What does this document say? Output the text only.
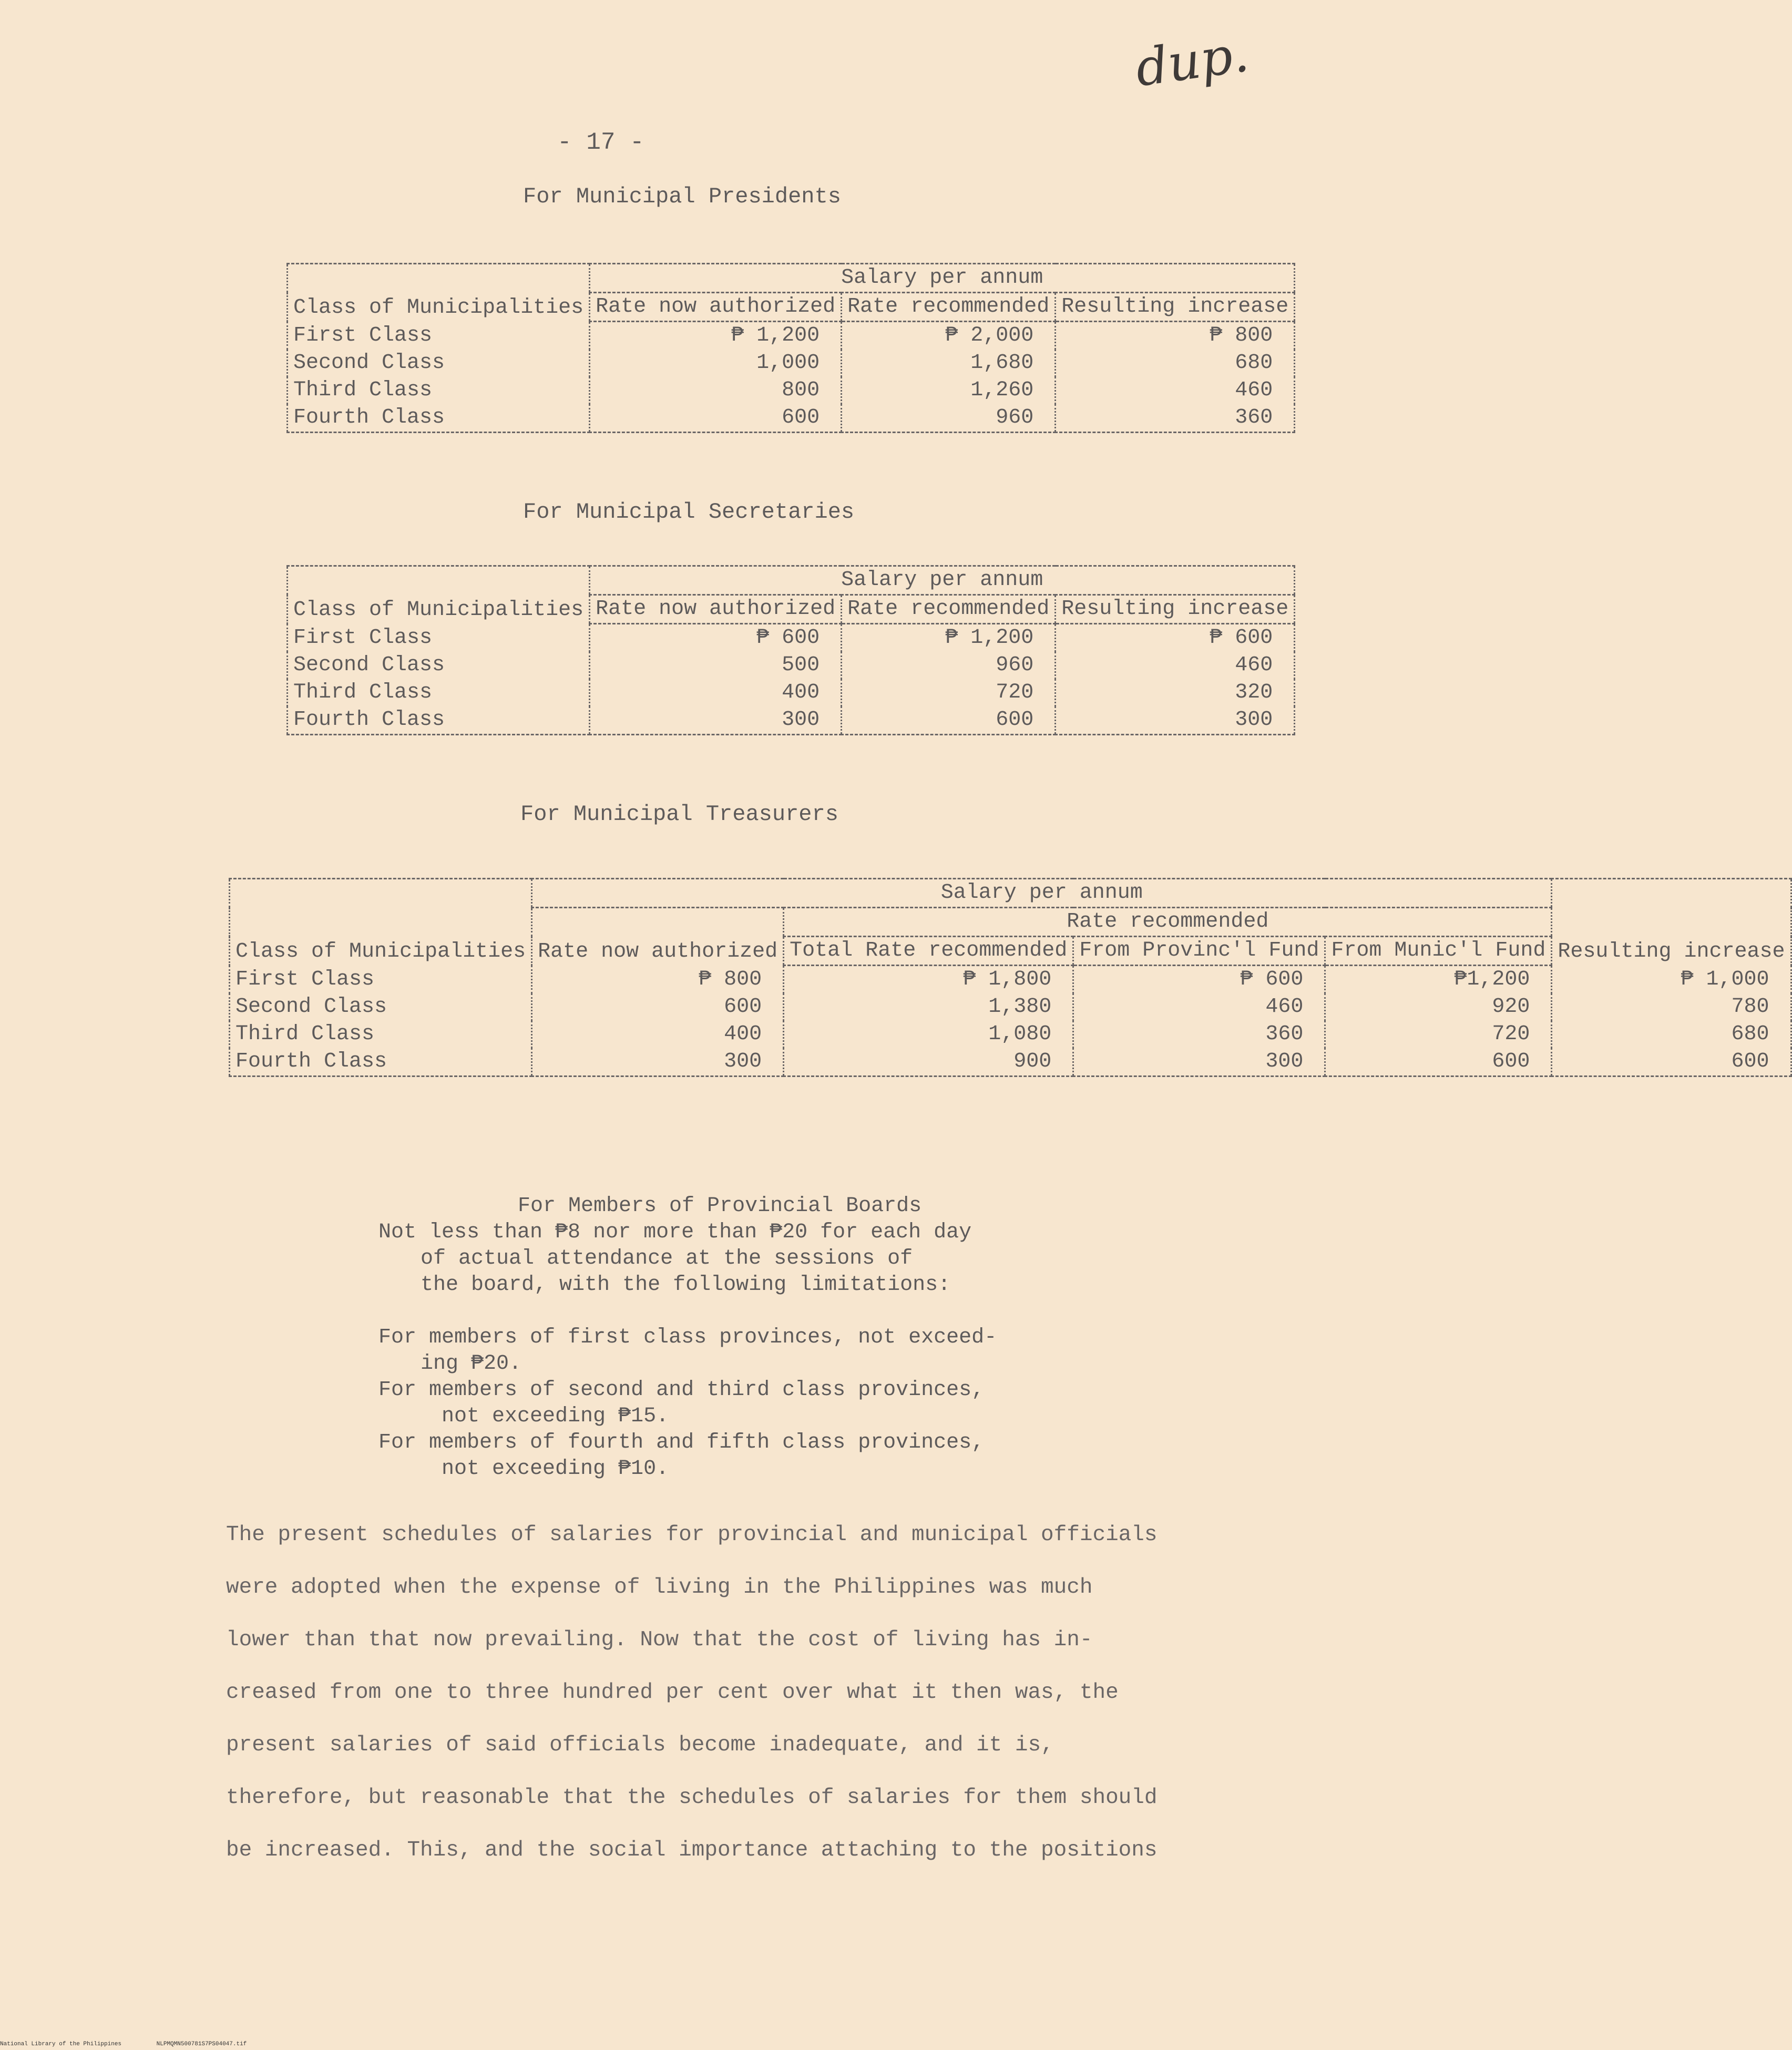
dup.
- 17 -
For Municipal Presidents
Class of Municipalities	Salary per annum		
	Rate now authorized	Rate recommended	Resulting increase
First Class	₱ 1,200	₱ 2,000	₱ 800
Second Class	1,000	1,680	680
Third Class	800	1,260	460
Fourth Class	600	960	360
For Municipal Secretaries
Class of Municipalities	Salary per annum		
	Rate now authorized	Rate recommended	Resulting increase
First Class	₱ 600	₱ 1,200	₱ 600
Second Class	500	960	460
Third Class	400	720	320
Fourth Class	300	600	300
For Municipal Treasurers
Class of Municipalities	Salary per annum				Resulting increase
	Rate now authorized	Rate recommended			
		Total Rate recommended	From Provinc'l Fund	From Munic'l Fund	
First Class	₱ 800	₱ 1,800	₱ 600	₱1,200	₱ 1,000
Second Class	600	1,380	460	920	780
Third Class	400	1,080	360	720	680
Fourth Class	300	900	300	600	600

For Members of Provincial Boards

Not less than ₱8 nor more than ₱20 for each day

of actual attendance at the sessions of

the board, with the following limitations:

For members of first class provinces, not exceed-

ing ₱20.

For members of second and third class provinces,

not exceeding ₱15.

For members of fourth and fifth class provinces,

not exceeding ₱10.

The present schedules of salaries for provincial and municipal officials

were adopted when the expense of living in the Philippines was much

lower than that now prevailing. Now that the cost of living has in-

creased from one to three hundred per cent over what it then was, the

present salaries of said officials become inadequate, and it is,

therefore, but reasonable that the schedules of salaries for them should

be increased. This, and the social importance attaching to the positions

National Library of the Philippines	NLPMQMN500781S7PS04047.tif
